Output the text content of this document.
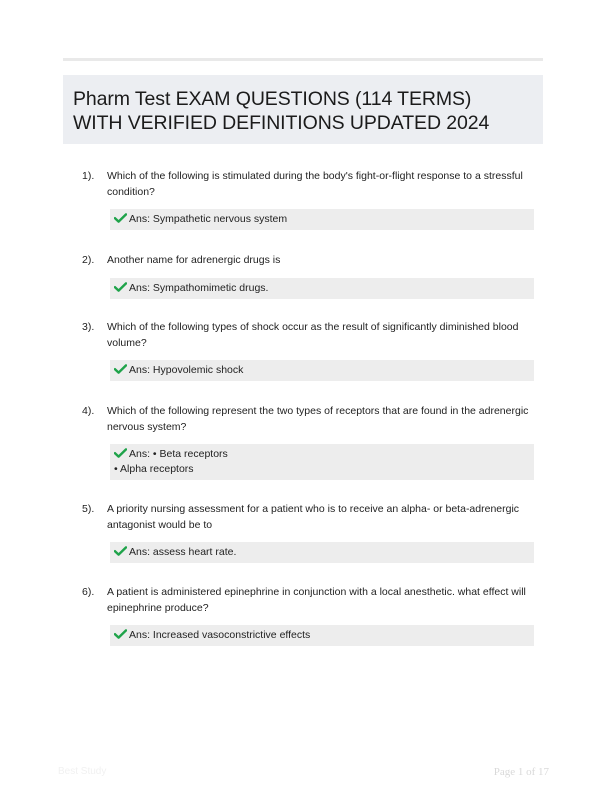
Pharm Test EXAM QUESTIONS (114 TERMS)
WITH VERIFIED DEFINITIONS UPDATED 2024
1). Which of the following is stimulated during the body's fight-or-flight response to a stressful condition?
Ans: Sympathetic nervous system
2). Another name for adrenergic drugs is
Ans: Sympathomimetic drugs.
3). Which of the following types of shock occur as the result of significantly diminished blood volume?
Ans: Hypovolemic shock
4). Which of the following represent the two types of receptors that are found in the adrenergic nervous system?
Ans: • Beta receptors
• Alpha receptors
5). A priority nursing assessment for a patient who is to receive an alpha- or beta-adrenergic antagonist would be to
Ans: assess heart rate.
6). A patient is administered epinephrine in conjunction with a local anesthetic. what effect will epinephrine produce?
Ans: Increased vasoconstrictive effects
Best Study	Page 1 of 17
